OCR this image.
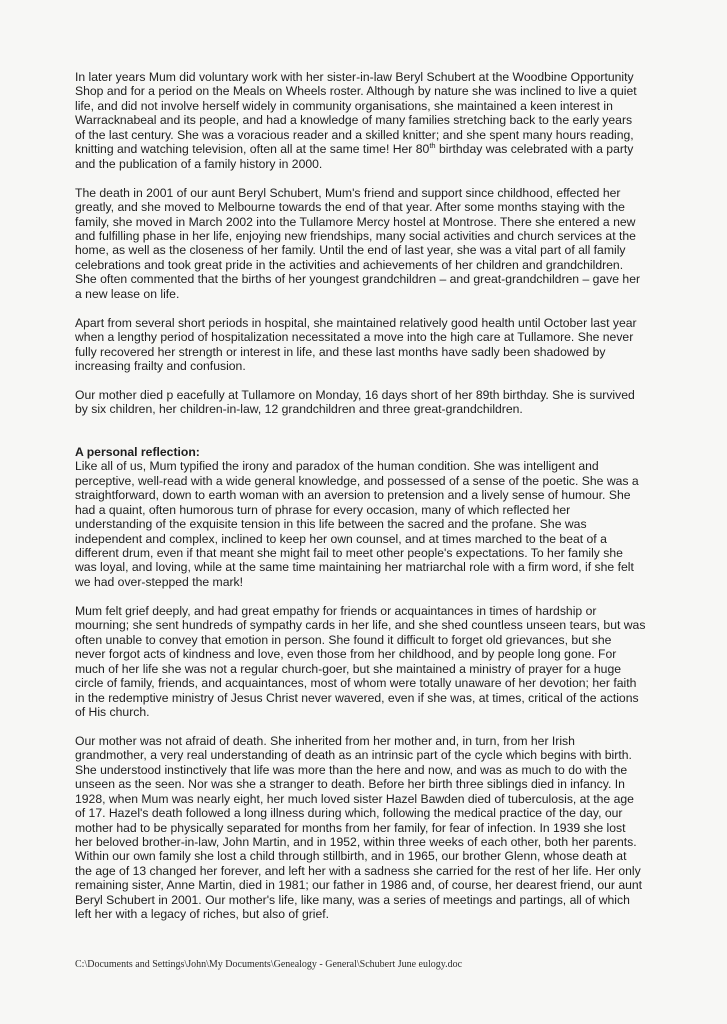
In later years Mum did voluntary work with her sister-in-law Beryl Schubert at the Woodbine Opportunity
Shop and for a period on the Meals on Wheels roster. Although by nature she was inclined to live a quiet
life, and did not involve herself widely in community organisations, she maintained a keen interest in
Warracknabeal and its people, and had a knowledge of many families stretching back to the early years
of the last century. She was a voracious reader and a skilled knitter; and she spent many hours reading,
knitting and watching television, often all at the same time! Her 80th birthday was celebrated with a party
and the publication of a family history in 2000.

The death in 2001 of our aunt Beryl Schubert, Mum's friend and support since childhood, effected her
greatly, and she moved to Melbourne towards the end of that year. After some months staying with the
family, she moved in March 2002 into the Tullamore Mercy hostel at Montrose. There she entered a new
and fulfilling phase in her life, enjoying new friendships, many social activities and church services at the
home, as well as the closeness of her family. Until the end of last year, she was a vital part of all family
celebrations and took great pride in the activities and achievements of her children and grandchildren.
She often commented that the births of her youngest grandchildren – and great-grandchildren – gave her
a new lease on life.

Apart from several short periods in hospital, she maintained relatively good health until October last year
when a lengthy period of hospitalization necessitated a move into the high care at Tullamore. She never
fully recovered her strength or interest in life, and these last months have sadly been shadowed by
increasing frailty and confusion.

Our mother died p eacefully at Tullamore on Monday, 16 days short of her 89th birthday. She is survived
by six children, her children-in-law, 12 grandchildren and three great-grandchildren.

A personal reflection:

Like all of us, Mum typified the irony and paradox of the human condition. She was intelligent and
perceptive, well-read with a wide general knowledge, and possessed of a sense of the poetic. She was a
straightforward, down to earth woman with an aversion to pretension and a lively sense of humour. She
had a quaint, often humorous turn of phrase for every occasion, many of which reflected her
understanding of the exquisite tension in this life between the sacred and the profane. She was
independent and complex, inclined to keep her own counsel, and at times marched to the beat of a
different drum, even if that meant she might fail to meet other people's expectations. To her family she
was loyal, and loving, while at the same time maintaining her matriarchal role with a firm word, if she felt
we had over-stepped the mark!

Mum felt grief deeply, and had great empathy for friends or acquaintances in times of hardship or
mourning; she sent hundreds of sympathy cards in her life, and she shed countless unseen tears, but was
often unable to convey that emotion in person. She found it difficult to forget old grievances, but she
never forgot acts of kindness and love, even those from her childhood, and by people long gone. For
much of her life she was not a regular church-goer, but she maintained a ministry of prayer for a huge
circle of family, friends, and acquaintances, most of whom were totally unaware of her devotion; her faith
in the redemptive ministry of Jesus Christ never wavered, even if she was, at times, critical of the actions
of His church.

Our mother was not afraid of death. She inherited from her mother and, in turn, from her Irish
grandmother, a very real understanding of death as an intrinsic part of the cycle which begins with birth.
She understood instinctively that life was more than the here and now, and was as much to do with the
unseen as the seen. Nor was she a stranger to death. Before her birth three siblings died in infancy. In
1928, when Mum was nearly eight, her much loved sister Hazel Bawden died of tuberculosis, at the age
of 17. Hazel's death followed a long illness during which, following the medical practice of the day, our
mother had to be physically separated for months from her family, for fear of infection. In 1939 she lost
her beloved brother-in-law, John Martin, and in 1952, within three weeks of each other, both her parents.
Within our own family she lost a child through stillbirth, and in 1965, our brother Glenn, whose death at
the age of 13 changed her forever, and left her with a sadness she carried for the rest of her life. Her only
remaining sister, Anne Martin, died in 1981; our father in 1986 and, of course, her dearest friend, our aunt
Beryl Schubert in 2001. Our mother's life, like many, was a series of meetings and partings, all of which
left her with a legacy of riches, but also of grief.

C:\Documents and Settings\John\My Documents\Genealogy - General\Schubert June eulogy.doc
